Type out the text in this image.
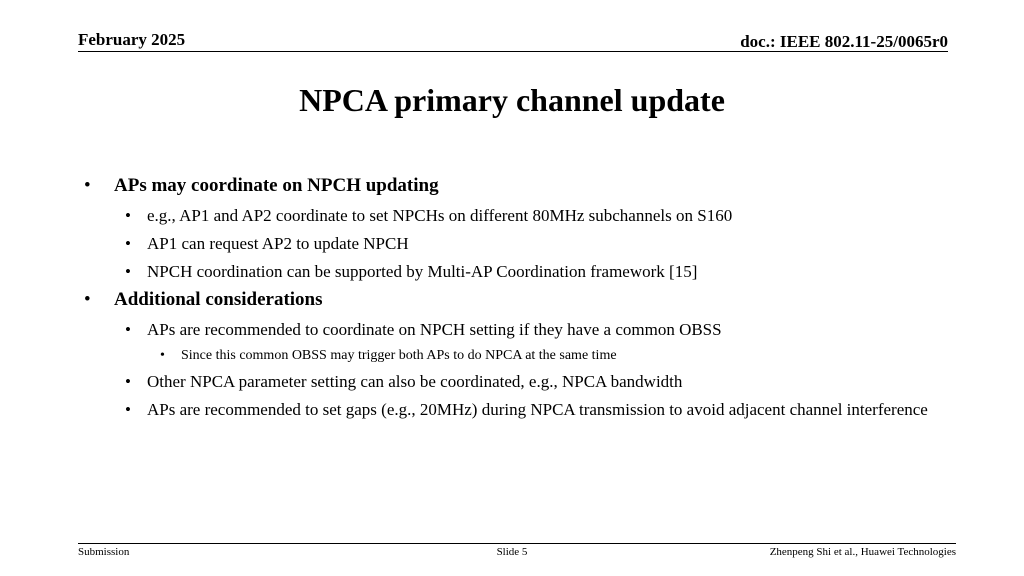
February 2025	doc.: IEEE 802.11-25/0065r0
NPCA primary channel update
• APs may coordinate on NPCH updating
• e.g., AP1 and AP2 coordinate to set NPCHs on different 80MHz subchannels on S160
• AP1 can request AP2 to update NPCH
• NPCH coordination can be supported by Multi-AP Coordination framework [15]
• Additional considerations
• APs are recommended to coordinate on NPCH setting if they have a common OBSS
• Since this common OBSS may trigger both APs to do NPCA at the same time
• Other NPCA parameter setting can also be coordinated, e.g., NPCA bandwidth
• APs are recommended to set gaps (e.g., 20MHz) during NPCA transmission to avoid adjacent channel interference
Submission	Slide 5	Zhenpeng Shi et al., Huawei Technologies
